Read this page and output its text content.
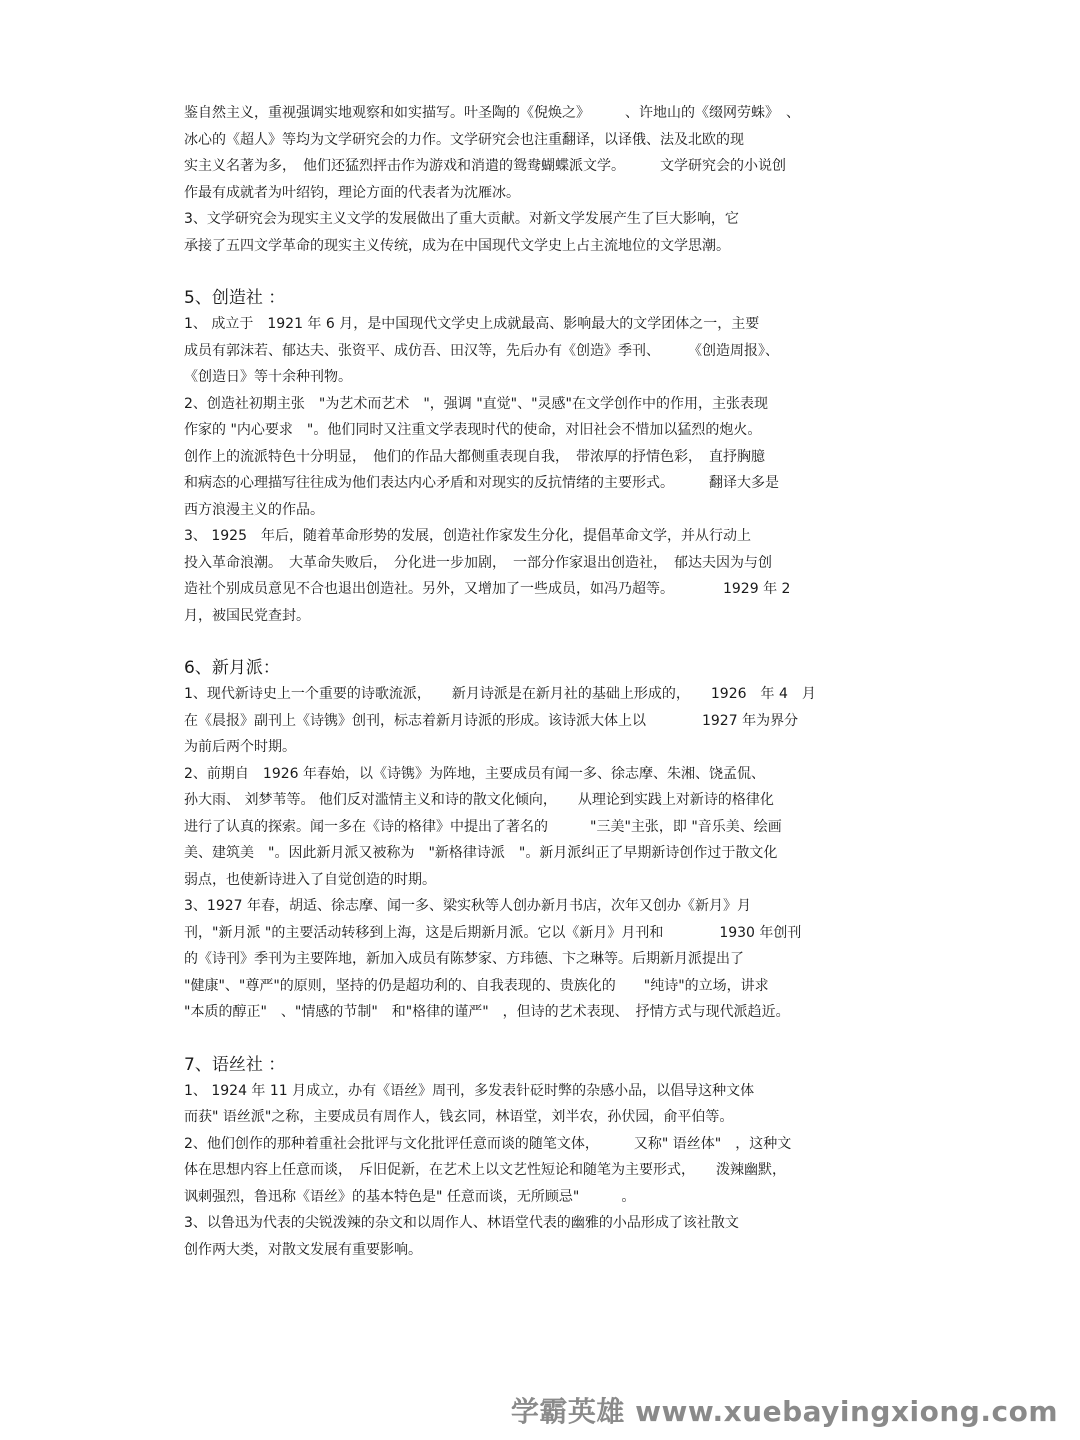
鉴自然主义，重视强调实地观察和如实描写。叶圣陶的《倪焕之》　　　、许地山的《缀网劳蛛》　、
冰心的《超人》等均为文学研究会的力作。文学研究会也注重翻译，以译俄、法及北欧的现
实主义名著为多，　他们还猛烈抨击作为游戏和消遣的鸳鸯蝴蝶派文学。　　　文学研究会的小说创
作最有成就者为叶绍钧，理论方面的代表者为沈雁冰。
3、文学研究会为现实主义文学的发展做出了重大贡献。对新文学发展产生了巨大影响，它
承接了五四文学革命的现实主义传统，成为在中国现代文学史上占主流地位的文学思潮。
5、创造社 ：
1、 成立于　1921 年 6 月，是中国现代文学史上成就最高、影响最大的文学团体之一，主要
成员有郭沫若、郁达夫、张资平、成仿吾、田汉等，先后办有《创造》季刊、　　　《创造周报》、
《创造日》等十余种刊物。
2、创造社初期主张　"为艺术而艺术　"，强调 "直觉"、"灵感"在文学创作中的作用，主张表现
作家的 "内心要求　"。他们同时又注重文学表现时代的使命，对旧社会不惜加以猛烈的炮火。
创作上的流派特色十分明显，　他们的作品大都侧重表现自我，　带浓厚的抒情色彩，　直抒胸臆
和病态的心理描写往往成为他们表达内心矛盾和对现实的反抗情绪的主要形式。　　　翻译大多是
西方浪漫主义的作品。
3、 1925　年后，随着革命形势的发展，创造社作家发生分化，提倡革命文学，并从行动上
投入革命浪潮。　大革命失败后，　分化进一步加剧，　一部分作家退出创造社，　郁达夫因为与创
造社个别成员意见不合也退出创造社。另外，又增加了一些成员，如冯乃超等。　　　　1929 年 2
月，被国民党查封。
6、新月派：
1、现代新诗史上一个重要的诗歌流派，　　新月诗派是在新月社的基础上形成的，　　1926　年 4　月
在《晨报》副刊上《诗镌》创刊，标志着新月诗派的形成。该诗派大体上以　　　　1927 年为界分
为前后两个时期。
2、前期自　1926 年春始，以《诗镌》为阵地，主要成员有闻一多、徐志摩、朱湘、饶孟侃、
孙大雨、 刘梦苇等。 他们反对滥情主义和诗的散文化倾向，　　从理论到实践上对新诗的格律化
进行了认真的探索。闻一多在《诗的格律》中提出了著名的　　　"三美"主张，即 "音乐美、绘画
美、建筑美　"。因此新月派又被称为　"新格律诗派　"。新月派纠正了早期新诗创作过于散文化
弱点，也使新诗进入了自觉创造的时期。
3、1927 年春，胡适、徐志摩、闻一多、梁实秋等人创办新月书店，次年又创办《新月》月
刊，"新月派 "的主要活动转移到上海，这是后期新月派。它以《新月》月刊和　　　　1930 年创刊
的《诗刊》季刊为主要阵地，新加入成员有陈梦家、方玮德、卞之琳等。后期新月派提出了
"健康"、"尊严"的原则，坚持的仍是超功利的、自我表现的、贵族化的　　"纯诗"的立场，讲求
"本质的醇正"　、"情感的节制"　和"格律的谨严"　，但诗的艺术表现、　抒情方式与现代派趋近。
7、语丝社 ：
1、 1924 年 11 月成立，办有《语丝》周刊，多发表针砭时弊的杂感小品，以倡导这种文体
而获" 语丝派"之称，主要成员有周作人，钱玄同，林语堂，刘半农，孙伏园，俞平伯等。
2、他们创作的那种着重社会批评与文化批评任意而谈的随笔文体，　　　又称" 语丝体"　，这种文
体在思想内容上任意而谈，　斥旧促新，在艺术上以文艺性短论和随笔为主要形式，　　泼辣幽默，
讽刺强烈，鲁迅称《语丝》的基本特色是" 任意而谈，无所顾忌"　　　。
3、以鲁迅为代表的尖锐泼辣的杂文和以周作人、林语堂代表的幽雅的小品形成了该社散文
创作两大类，对散文发展有重要影响。
学霸英雄 www.xuebayingxiong.com
